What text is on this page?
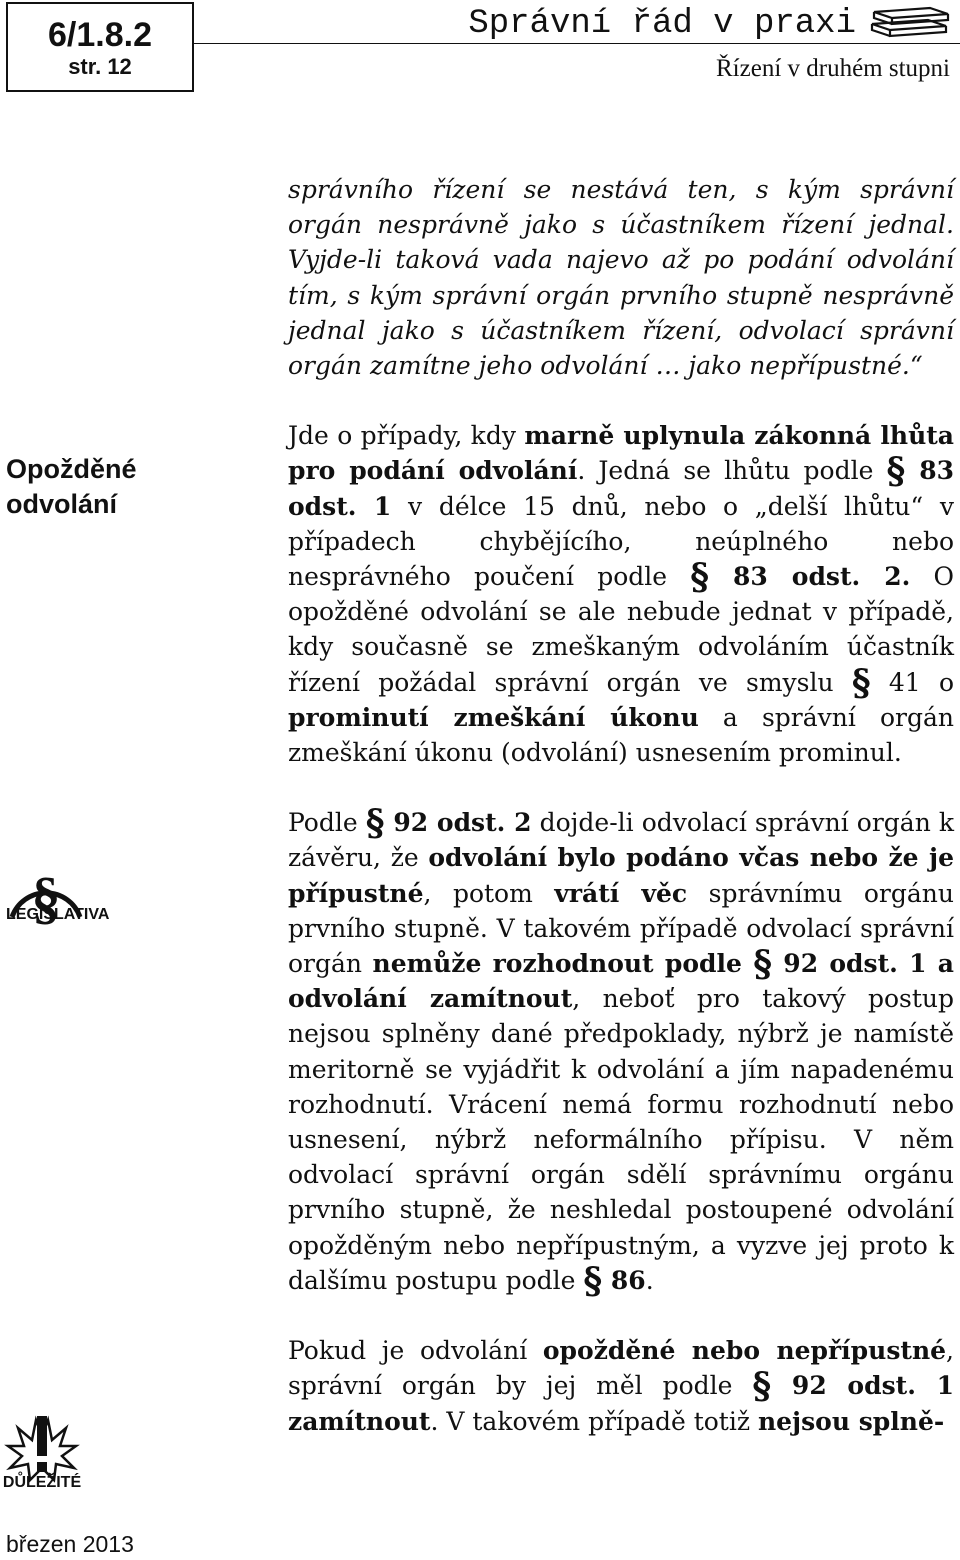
6/1.8.2
str. 12
Správní řád v praxi
Řízení v druhém stupni
Opožděné odvolání
§
LEGISLATIVA
DŮLEŽITÉ

správního řízení se nestává ten, s kým správní orgán nesprávně jako s účastníkem řízení jednal. Vyjde-li taková vada najevo až po podání odvolání tím, s kým správní orgán prvního stupně nesprávně jednal jako s účastníkem řízení, odvolací správní orgán zamítne jeho odvolání … jako nepřípustné.“

Jde o případy, kdy marně uplynula zákonná lhůta pro podání odvolání. Jedná se lhůtu podle § 83 odst. 1 v délce 15 dnů, nebo o „delší lhůtu“ v případech chybějícího, neúplného nebo nesprávného poučení podle § 83 odst. 2. O opožděné odvolání se ale nebude jednat v případě, kdy současně se zmeškaným odvoláním účastník řízení požádal správní orgán ve smyslu § 41 o prominutí zmeškání úkonu a správní orgán zmeškání úkonu (odvolání) usnesením prominul.

Podle § 92 odst. 2 dojde-li odvolací správní orgán k závěru, že odvolání bylo podáno včas nebo že je přípustné, potom vrátí věc správnímu orgánu prvního stupně. V takovém případě odvolací správní orgán nemůže rozhodnout podle § 92 odst. 1 a odvolání zamítnout, neboť pro takový postup nejsou splněny dané předpoklady, nýbrž je namístě meritorně se vyjádřit k odvolání a jím napadenému rozhodnutí. Vrácení nemá formu rozhodnutí nebo usnesení, nýbrž neformálního přípisu. V něm odvolací správní orgán sdělí správnímu orgánu prvního stupně, že neshledal postoupené odvolání opožděným nebo nepřípustným, a vyzve jej proto k dalšímu postupu podle § 86.

Pokud je odvolání opožděné nebo nepřípustné, správní orgán by jej měl podle § 92 odst. 1 zamítnout. V takovém případě totiž nejsou splně-

březen 2013
